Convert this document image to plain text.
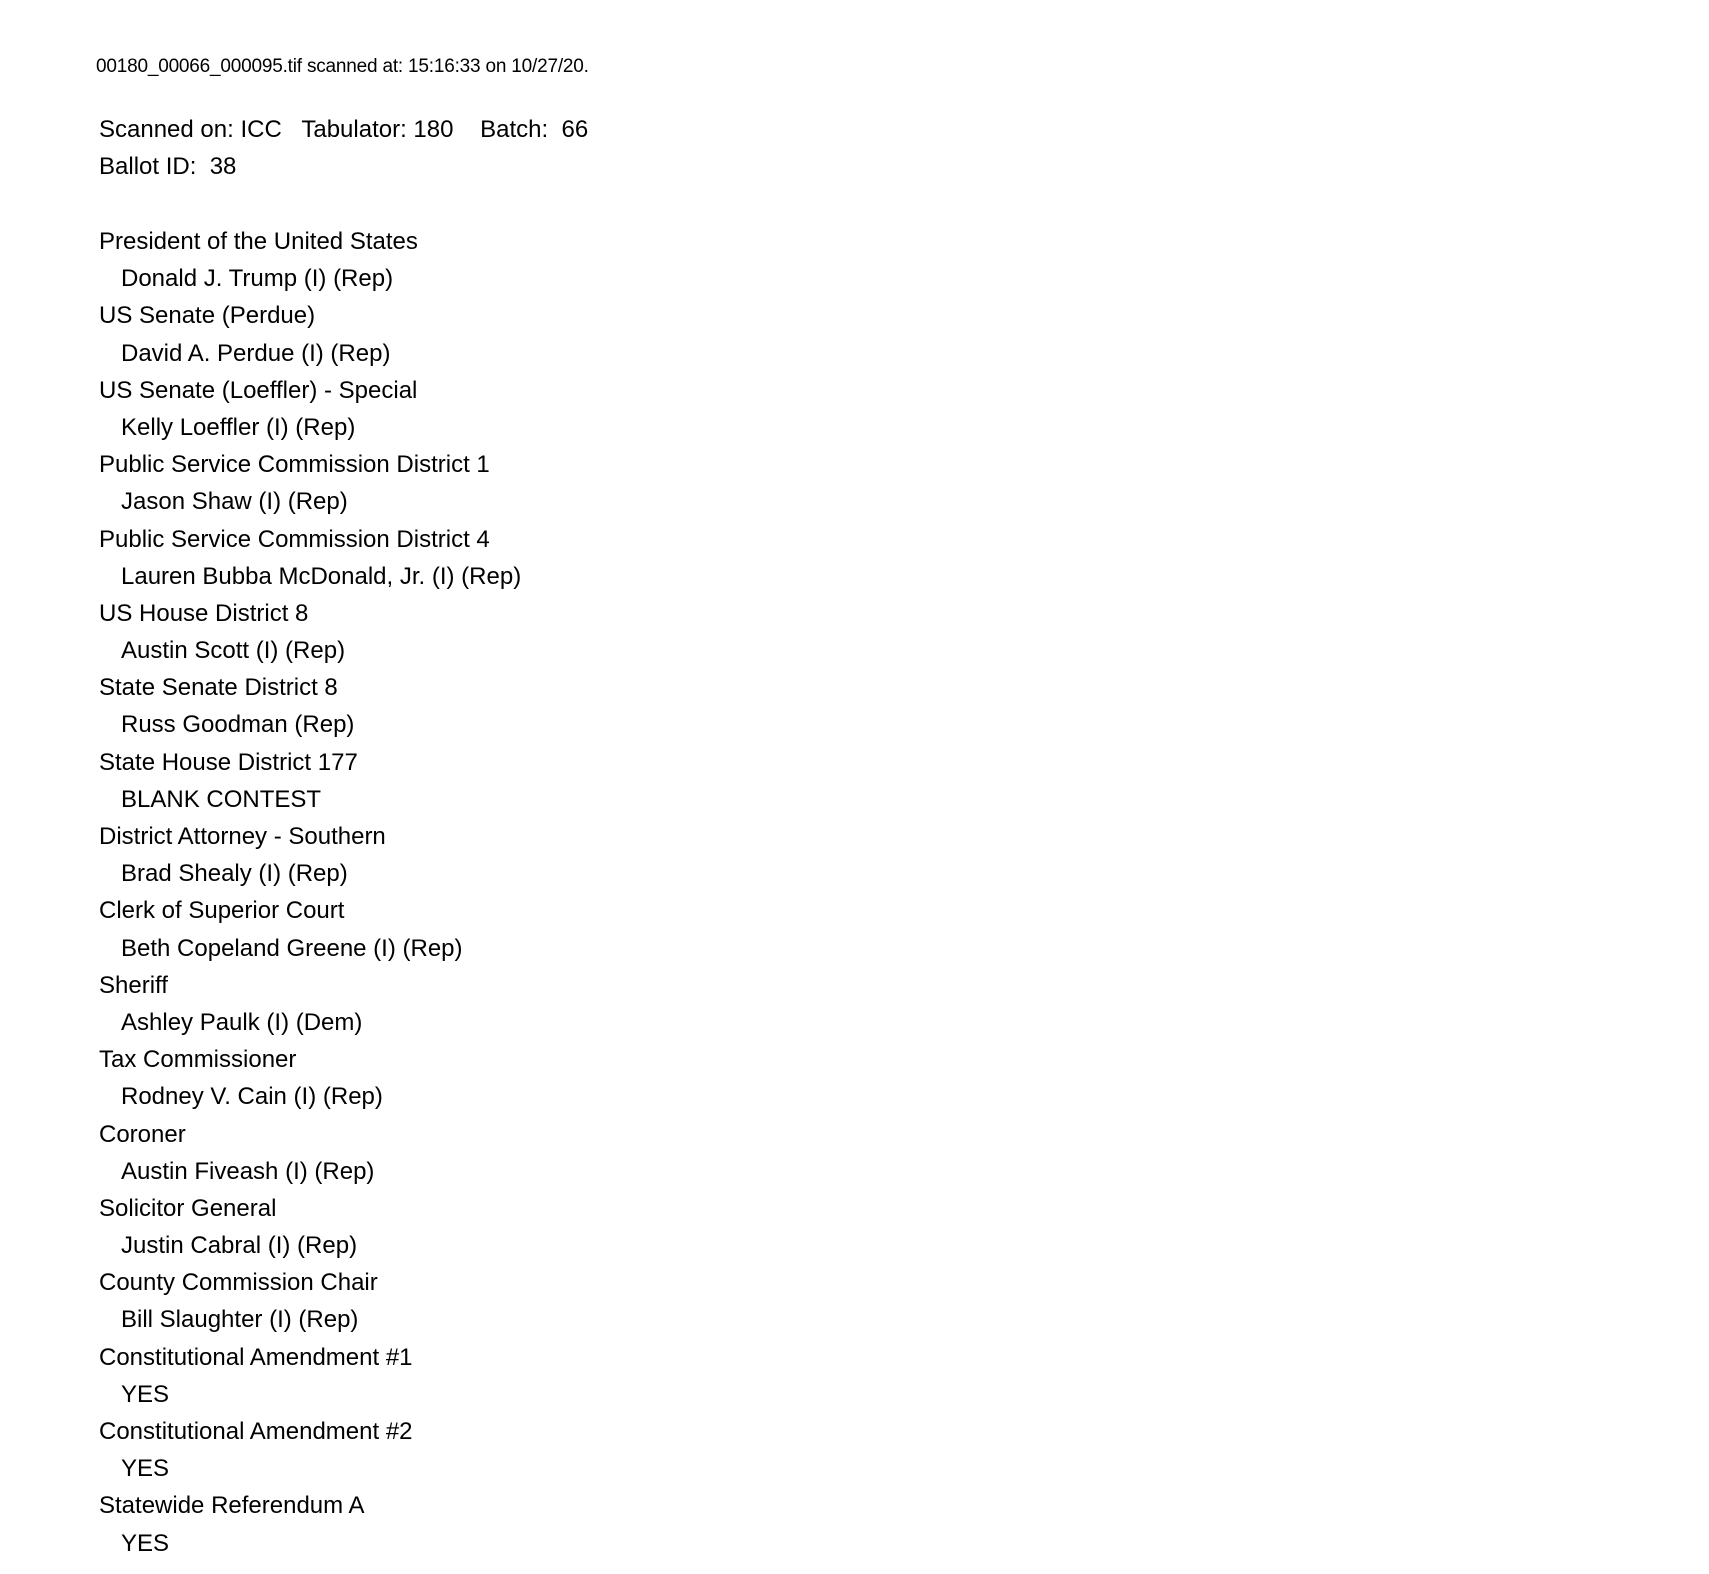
00180_00066_000095.tif scanned at: 15:16:33 on 10/27/20.
Scanned on: ICC   Tabulator: 180    Batch:  66
Ballot ID:  38
President of the United States
Donald J. Trump (I) (Rep)
US Senate (Perdue)
David A. Perdue (I) (Rep)
US Senate (Loeffler) - Special
Kelly Loeffler (I) (Rep)
Public Service Commission District 1
Jason Shaw (I) (Rep)
Public Service Commission District 4
Lauren Bubba McDonald, Jr. (I) (Rep)
US House District 8
Austin Scott (I) (Rep)
State Senate District 8
Russ Goodman (Rep)
State House District 177
BLANK CONTEST
District Attorney - Southern
Brad Shealy (I) (Rep)
Clerk of Superior Court
Beth Copeland Greene (I) (Rep)
Sheriff
Ashley Paulk (I) (Dem)
Tax Commissioner
Rodney V. Cain (I) (Rep)
Coroner
Austin Fiveash (I) (Rep)
Solicitor General
Justin Cabral (I) (Rep)
County Commission Chair
Bill Slaughter (I) (Rep)
Constitutional Amendment #1
YES
Constitutional Amendment #2
YES
Statewide Referendum A
YES
